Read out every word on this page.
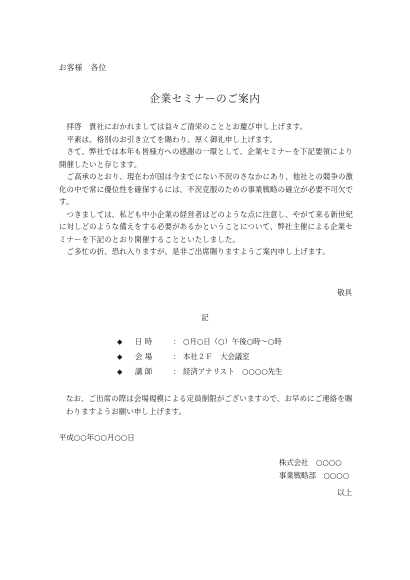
お客様　各位
企業セミナーのご案内
　拝啓　貴社におかれましては益々ご清栄のこととお慶び申し上げます。
　平素は、格別のお引き立てを賜わり、厚く御礼申し上げます。
　さて、弊社では本年も皆様方への感謝の一環として、企業セミナーを下記要領により
開催したいと存じます。
　ご高承のとおり、現在わが国は今までにない不況のさなかにあり、他社との競争の激
化の中で常に優位性を確保するには、不況克服のための事業戦略の確立が必要不可欠で
す。
　つきましては、私ども中小企業の経営者はどのような点に注意し、やがて来る新世紀
に対しどのような備えをする必要があるかということについて、弊社主催による企業セ
ミナーを下記のとおり開催することといたしました。
　ご多忙の折、恐れ入りますが、是非ご出席賜りますようご案内申し上げます。
敬具
記
◆	日 時	： ○月○日（○）午後○時～○時
◆	会 場	： 本社２Ｆ　大会議室
◆	講 師	： 経済アナリスト　○○○○先生
なお、ご出席の際は会場規模による定員制限がございますので、お早めにご連絡を賜
わりますようお願い申し上げます。
平成○○年○○月○○日
株式会社　○○○○
事業戦略部　○○○○
以上
